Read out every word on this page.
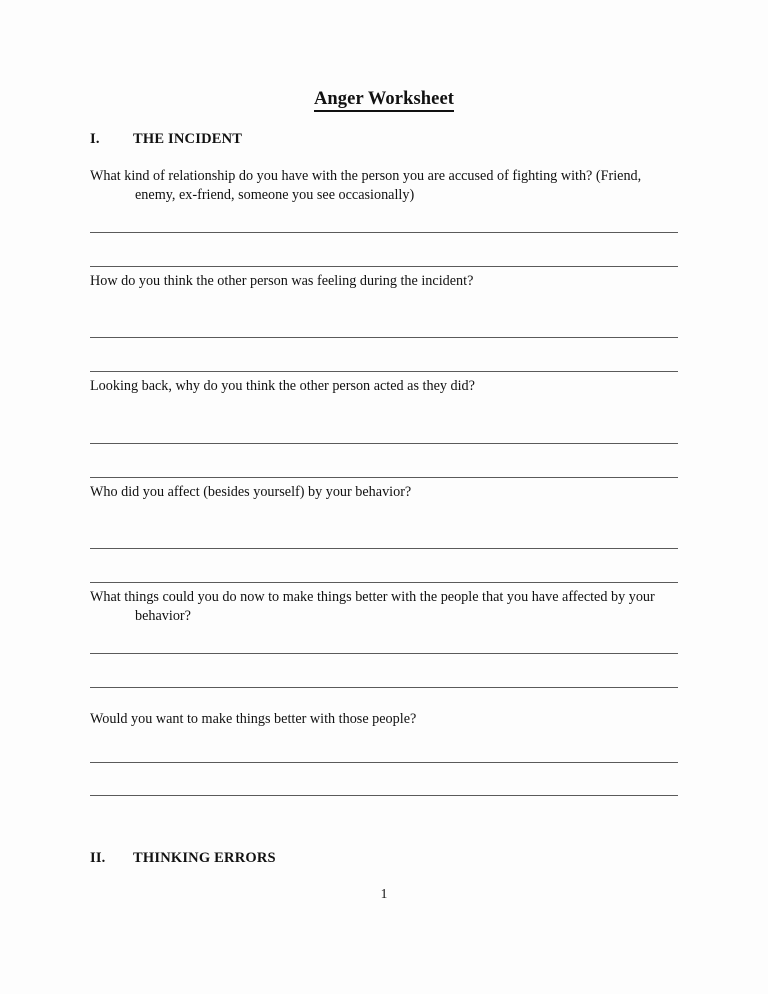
Anger Worksheet
1
I.	THE INCIDENT
What kind of relationship do you have with the person you are accused of fighting with? (Friend,
enemy, ex-friend, someone you see occasionally)
How do you think the other person was feeling during the incident?
Looking back, why do you think the other person acted as they did?
Who did you affect (besides yourself) by your behavior?
What things could you do now to make things better with the people that you have affected by your
behavior?
Would you want to make things better with those people?
II.	THINKING ERRORS
